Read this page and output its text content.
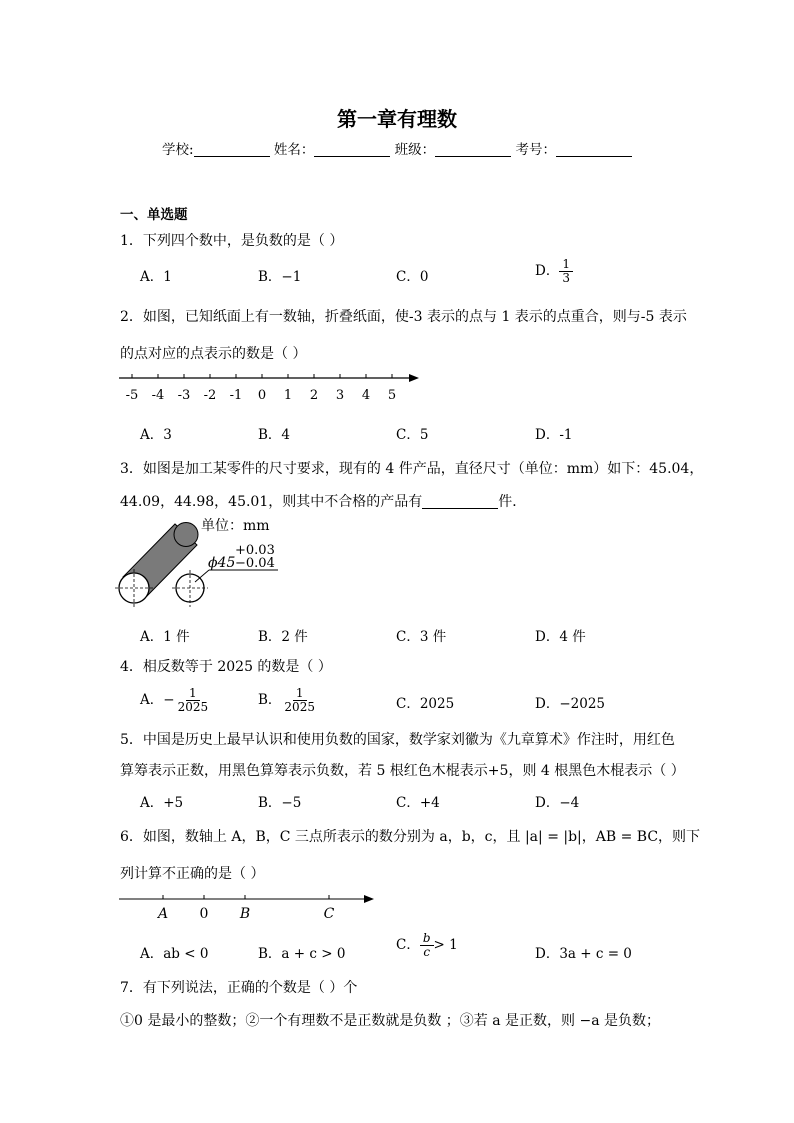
第一章有理数
学校:	姓名：	班级：	考号：
一、单选题
1．下列四个数中，是负数的是（ ）
A．1	B．−1	C．0	D． $\frac{1}{3}$
2．如图，已知纸面上有一数轴，折叠纸面，使-3 表示的点与 1 表示的点重合，则与-5 表示
的点对应的点表示的数是（ ）
-5 -4 -3 -2 -1 0 1 2 3 4 5
A．3	B．4	C．5	D．-1
3．如图是加工某零件的尺寸要求，现有的 4 件产品，直径尺寸（单位：mm）如下：45.04，
44.09，44.98，45.01，则其中不合格的产品有	件．
单位：mm
ϕ45
+0.03
−0.04
A．1 件	B．2 件	C．3 件	D．4 件
4．相反数等于 2025 的数是（ ）
A．− $\frac{1}{2025}$	B． $\frac{1}{2025}$	C．2025	D．−2025
5．中国是历史上最早认识和使用负数的国家，数学家刘徽为《九章算术》作注时，用红色
算筹表示正数，用黑色算筹表示负数，若 5 根红色木棍表示+5，则 4 根黑色木棍表示（ ）
A．+5	B．−5	C．+4	D．−4
6．如图，数轴上 A，B，C 三点所表示的数分别为 a，b，c，且 |a| = |b|，AB = BC，则下
列计算不正确的是（ ）
A 0 B	C
A．ab < 0	B．a + c > 0
C． $\frac{b}{c} > 1$
D．3a + c = 0
7．有下列说法，正确的个数是（ ）个
①0 是最小的整数；②一个有理数不是正数就是负数 ；③若 a 是正数，则 −a 是负数；
